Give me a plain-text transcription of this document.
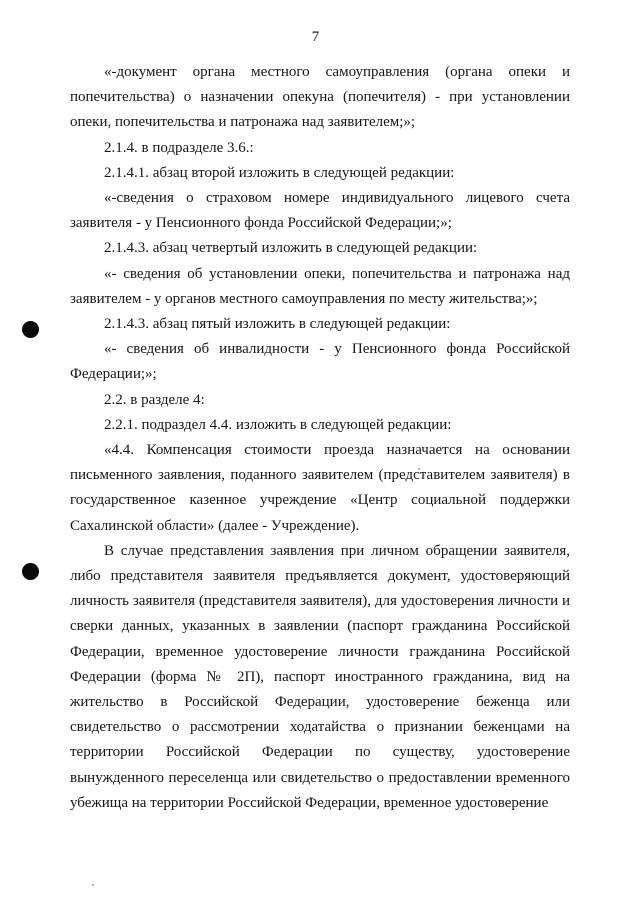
7

«-документ органа местного самоуправления (органа опеки и попечительства) о назначении опекуна (попечителя) - при установлении опеки, попечительства и патронажа над заявителем;»;

2.1.4. в подразделе 3.6.:

2.1.4.1. абзац второй изложить в следующей редакции:

«-сведения о страховом номере индивидуального лицевого счета заявителя - у Пенсионного фонда Российской Федерации;»;

2.1.4.3. абзац четвертый изложить в следующей редакции:

«- сведения об установлении опеки, попечительства и патронажа над заявителем - у органов местного самоуправления по месту жительства;»;

2.1.4.3. абзац пятый изложить в следующей редакции:

«- сведения об инвалидности - у Пенсионного фонда Российской Федерации;»;

2.2. в разделе 4:

2.2.1. подраздел 4.4. изложить в следующей редакции:

«4.4. Компенсация стоимости проезда назначается на основании письменного заявления, поданного заявителем (представителем заявителя) в государственное казенное учреждение «Центр социальной поддержки Сахалинской области» (далее - Учреждение).

В случае представления заявления при личном обращении заявителя, либо представителя заявителя предъявляется документ, удостоверяющий личность заявителя (представителя заявителя), для удостоверения личности и сверки данных, указанных в заявлении (паспорт гражданина Российской Федерации, временное удостоверение личности гражданина Российской Федерации (форма № 2П), паспорт иностранного гражданина, вид на жительство в Российской Федерации, удостоверение беженца или свидетельство о рассмотрении ходатайства о признании беженцами на территории Российской Федерации по существу, удостоверение вынужденного переселенца или свидетельство о предоставлении временного убежища на территории Российской Федерации, временное удостоверение
